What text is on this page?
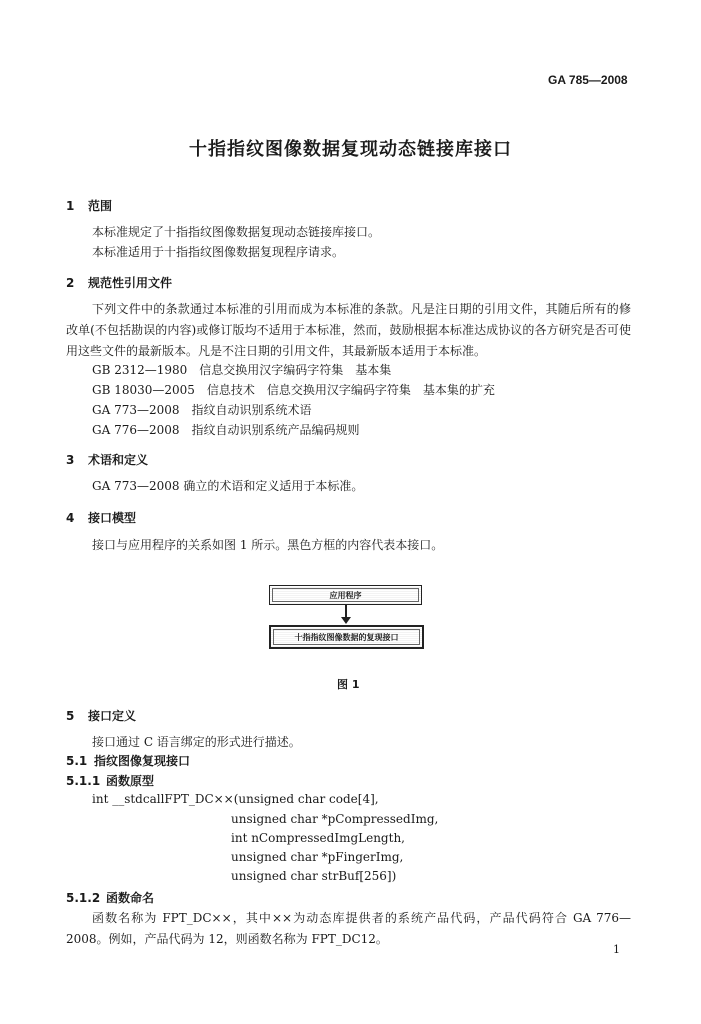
GA 785—2008
十指指纹图像数据复现动态链接库接口
1 范围
本标准规定了十指指纹图像数据复现动态链接库接口。
本标准适用于十指指纹图像数据复现程序请求。
2 规范性引用文件
下列文件中的条款通过本标准的引用而成为本标准的条款。凡是注日期的引用文件，其随后所有的修改单(不包括勘误的内容)或修订版均不适用于本标准，然而，鼓励根据本标准达成协议的各方研究是否可使用这些文件的最新版本。凡是不注日期的引用文件，其最新版本适用于本标准。
GB 2312—1980　信息交换用汉字编码字符集　基本集
GB 18030—2005　信息技术　信息交换用汉字编码字符集　基本集的扩充
GA 773—2008　指纹自动识别系统术语
GA 776—2008　指纹自动识别系统产品编码规则
3 术语和定义
GA 773—2008 确立的术语和定义适用于本标准。
4 接口模型
接口与应用程序的关系如图 1 所示。黑色方框的内容代表本接口。
应用程序
十指指纹图像数据的复现接口
图 1
5 接口定义
接口通过 C 语言绑定的形式进行描述。
5.1 指纹图像复现接口
5.1.1 函数原型
int __stdcallFPT_DC××(unsigned char code[4],
unsigned char *pCompressedImg,
int nCompressedImgLength,
unsigned char *pFingerImg,
unsigned char strBuf[256])
5.1.2 函数命名
函数名称为 FPT_DC××，其中××为动态库提供者的系统产品代码，产品代码符合 GA 776—2008。例如，产品代码为 12，则函数名称为 FPT_DC12。
1
